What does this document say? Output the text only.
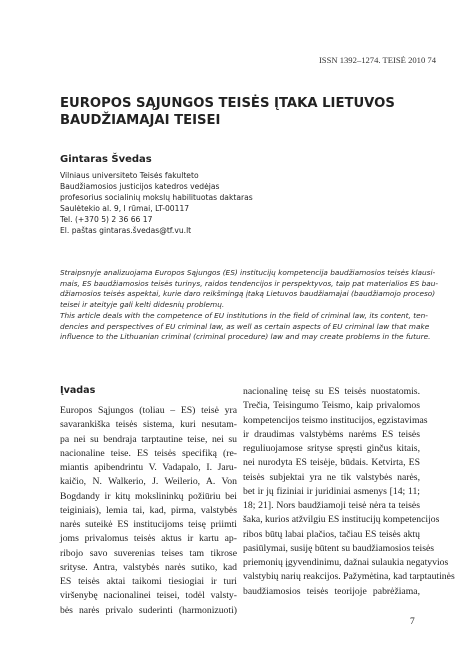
ISSN 1392–1274. TEISĖ 2010 74
EUROPOS SĄJUNGOS TEISĖS ĮTAKA LIETUVOS
BAUDŽIAMAJAI TEISEI
Gintaras Švedas
Vilniaus universiteto Teisės fakulteto
Baudžiamosios justicijos katedros vedėjas
profesorius socialinių mokslų habilituotas daktaras
Saulėtekio al. 9, I rūmai, LT-00117
Tel. (+370 5) 2 36 66 17
El. paštas gintaras.švedas@tf.vu.lt

Straipsnyje analizuojama Europos Sąjungos (ES) institucijų kompetencija baudžiamosios teisės klausi-
mais, ES baudžiamosios teisės turinys, raidos tendencijos ir perspektyvos, taip pat materialios ES bau-
džiamosios teisės aspektai, kurie daro reikšmingą įtaką Lietuvos baudžiamajai (baudžiamojo proceso)
teisei ir ateityje gali kelti didesnių problemų.

This article deals with the competence of EU institutions in the field of criminal law, its content, ten-
dencies and perspectives of EU criminal law, as well as certain aspects of EU criminal law that make
influence to the Lithuanian criminal (criminal procedure) law and may create problems in the future.

Įvadas
Europos Sąjungos (toliau – ES) teisė yra
savarankiška teisės sistema, kuri nesutam-
pa nei su bendraja tarptautine teise, nei su
nacionaline teise. ES teisės specifiką (re-
miantis apibendrintu V. Vadapalo, I. Jaru-
kaičio, N. Walkerio, J. Weilerio, A. Von
Bogdandy ir kitų mokslininkų požiūriu bei
teiginiais), lemia tai, kad, pirma, valstybės
narės suteikė ES institucijoms teisę priimti
joms privalomus teisės aktus ir kartu ap-
ribojo savo suverenias teises tam tikrose
srityse. Antra, valstybės narės sutiko, kad
ES teisės aktai taikomi tiesiogiai ir turi
viršenybę nacionalinei teisei, todėl valsty-
bės narės privalo suderinti (harmonizuoti)
nacionalinę teisę su ES teisės nuostatomis.
Trečia, Teisingumo Teismo, kaip privalomos
kompetencijos teismo institucijos, egzistavimas
ir draudimas valstybėms narėms ES teisės
reguliuojamose srityse spręsti ginčus kitais,
nei nurodyta ES teisėje, būdais. Ketvirta, ES
teisės subjektai yra ne tik valstybės narės,
bet ir jų fiziniai ir juridiniai asmenys [14; 11;
18; 21]. Nors baudžiamoji teisė nėra ta teisės
šaka, kurios atžvilgiu ES institucijų kompetencijos
ribos būtų labai plačios, tačiau ES teisės aktų
pasiūlymai, susiję būtent su baudžiamosios teisės
priemonių įgyvendinimu, dažnai sulaukia negatyvios
valstybių narių reakcijos. Pažymėtina, kad tarptautinės
baudžiamosios teisės teorijoje pabrėžiama,
7
